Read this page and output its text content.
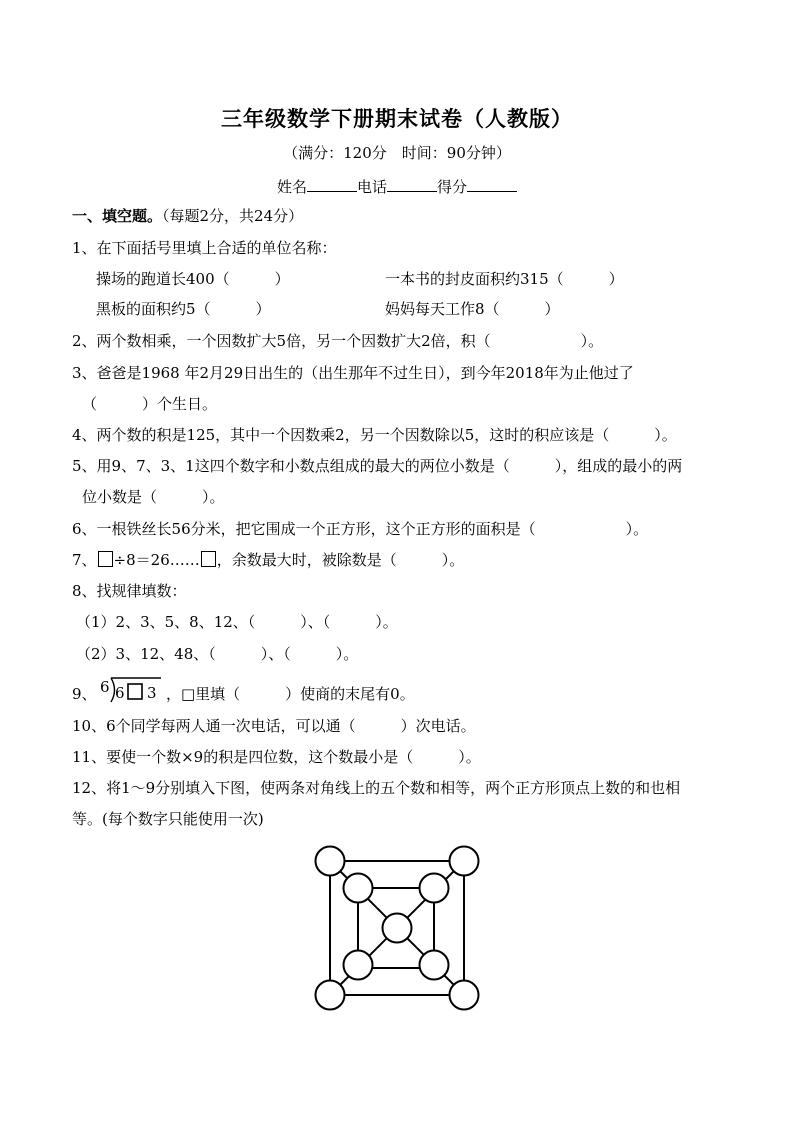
三年级数学下册期末试卷（人教版）
（满分：120分　时间：90分钟）
姓名	电话	得分
一、填空题。（每题2分，共24分）
1、在下面括号里填上合适的单位名称：
操场的跑道长400（　　　）	一本书的封皮面积约315（　　　）
黑板的面积约5（　　　）	妈妈每天工作8（　　　）
2、两个数相乘，一个因数扩大5倍，另一个因数扩大2倍，积（　　　　　　）。
3、爸爸是1968 年2月29日出生的（出生那年不过生日），到今年2018年为止他过了
（　　　）个生日。
4、两个数的积是125，其中一个因数乘2，另一个因数除以5，这时的积应该是（　　　）。
5、用9、7、3、1这四个数字和小数点组成的最大的两位小数是（　　　），组成的最小的两
位小数是（　　　）。
6、一根铁丝长56分米，把它围成一个正方形，这个正方形的面积是（　　　　　　）。
7、 ÷8＝26…… ，余数最大时，被除数是（　　　）。
8、找规律填数：
（1）2、3、5、8、12、（　　　）、（　　　）。
（2）3、12、48、（　　　）、（　　　）。
9、 6 6 3 ，□里填（　　　）使商的末尾有0。
10、6个同学每两人通一次电话，可以通（　　　）次电话。
11、要使一个数×9的积是四位数，这个数最小是（　　　）。
12、将1～9分别填入下图，使两条对角线上的五个数和相等，两个正方形顶点上数的和也相
等。(每个数字只能使用一次)
